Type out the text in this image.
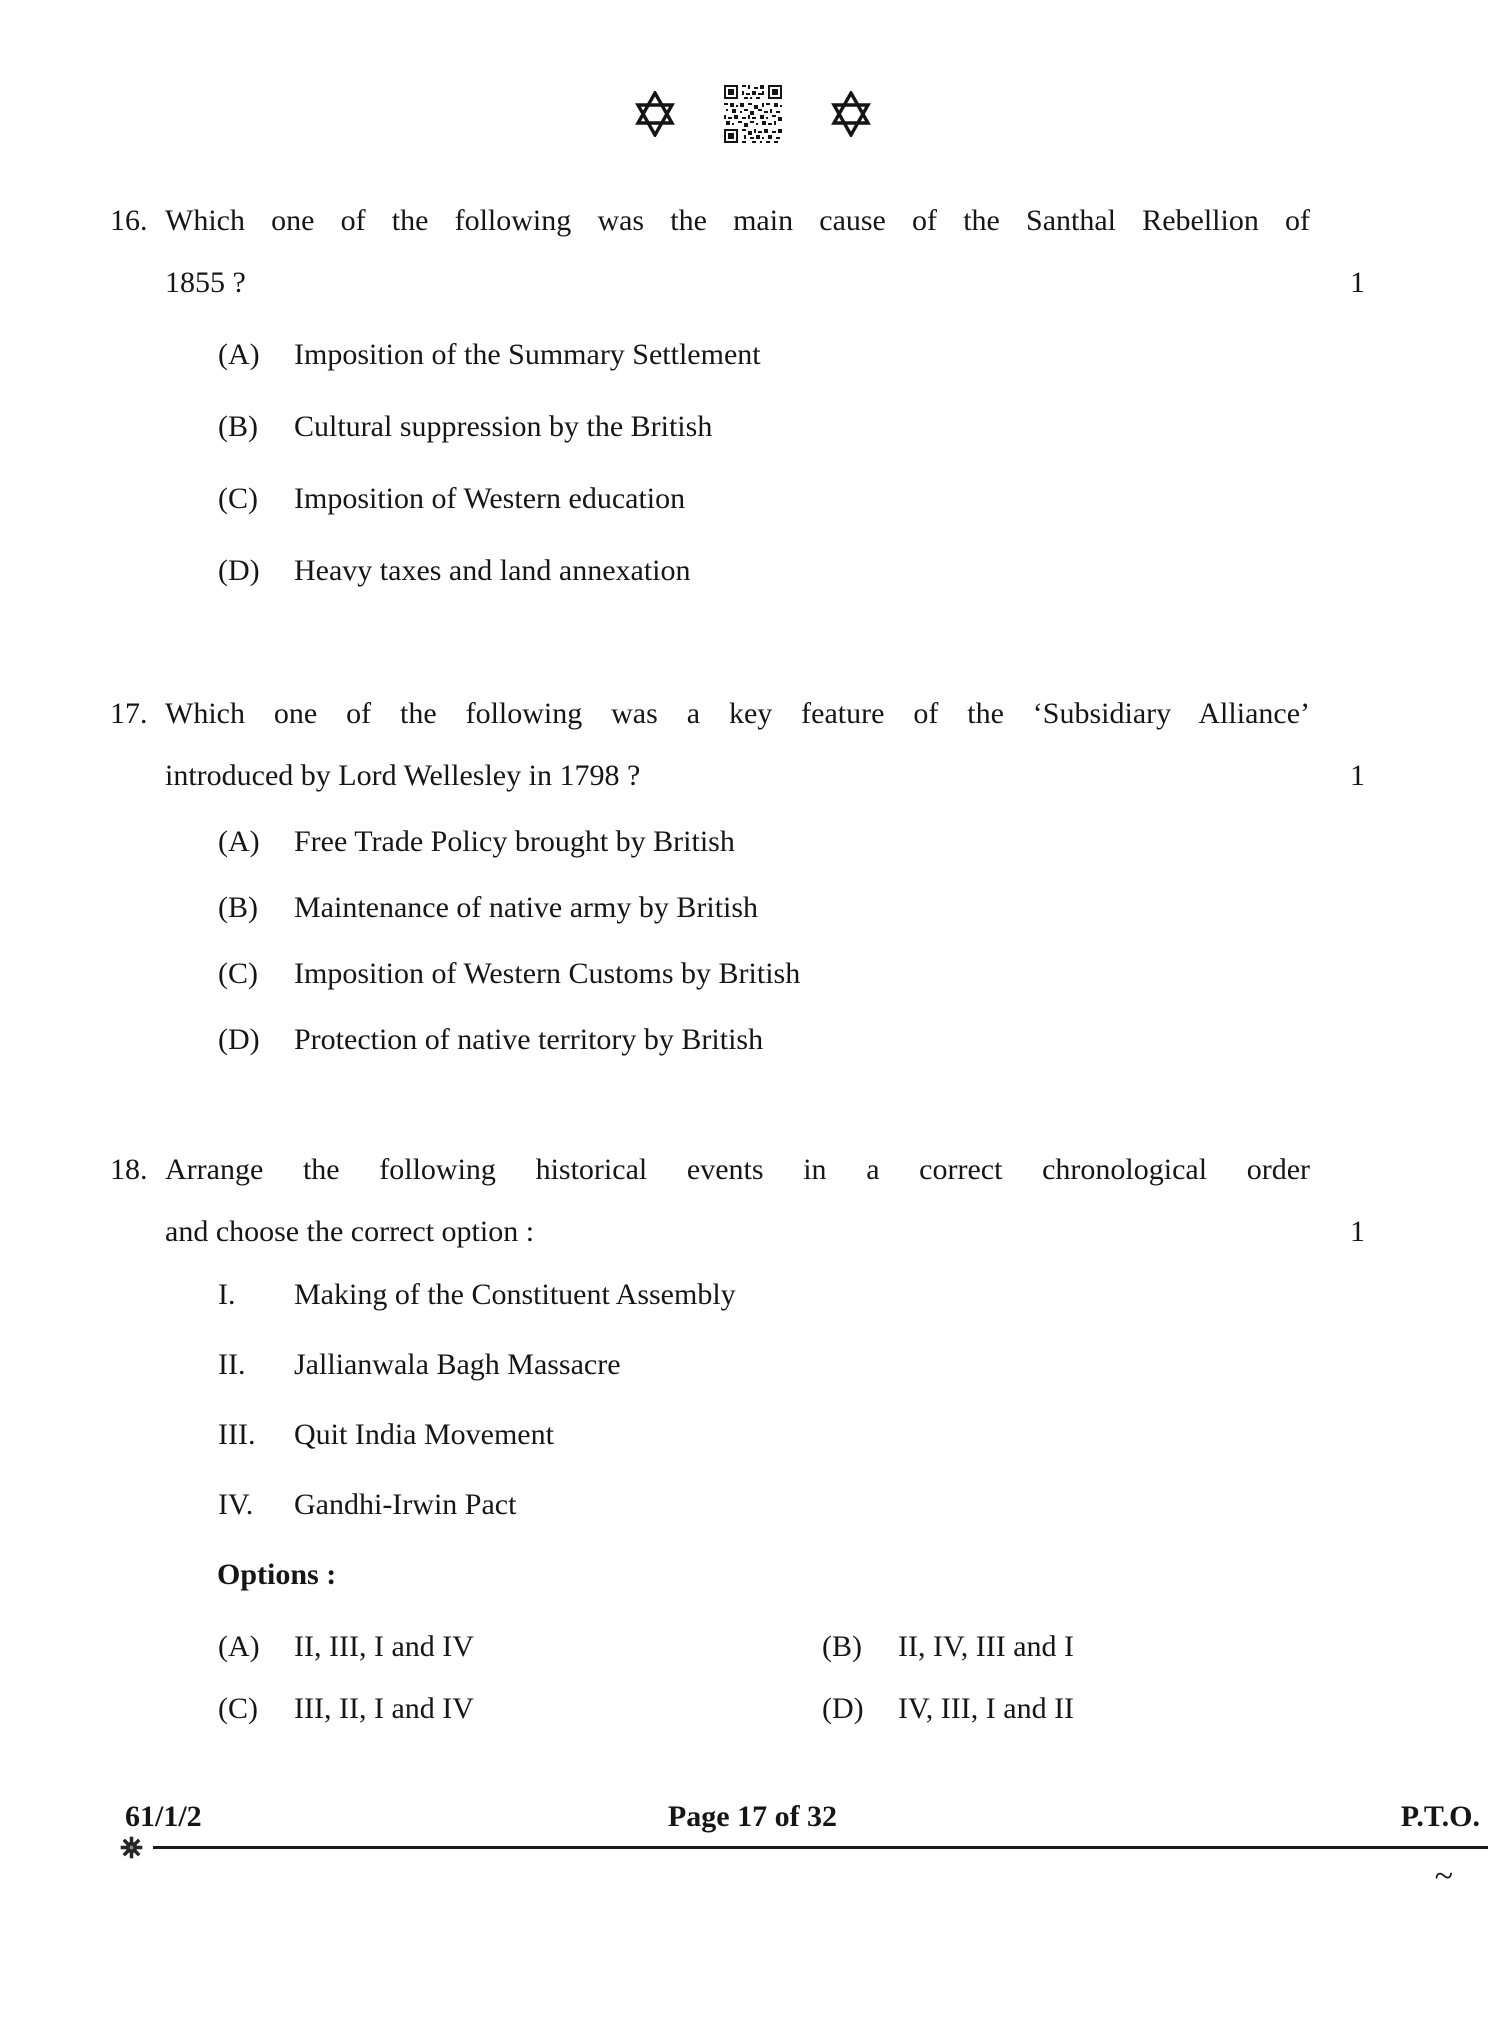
16. Which one of the following was the main cause of the Santhal Rebellion of
1855 ?	1
(A)	Imposition of the Summary Settlement
(B)	Cultural suppression by the British
(C)	Imposition of Western education
(D)	Heavy taxes and land annexation
17. Which one of the following was a key feature of the ‘Subsidiary Alliance’
introduced by Lord Wellesley in 1798 ?	1
(A)	Free Trade Policy brought by British
(B)	Maintenance of native army by British
(C)	Imposition of Western Customs by British
(D)	Protection of native territory by British
18. Arrange the following historical events in a correct chronological order
and choose the correct option :	1
I.	Making of the Constituent Assembly
II.	Jallianwala Bagh Massacre
III.	Quit India Movement
IV.	Gandhi-Irwin Pact
Options :
(A)	II, III, I and IV	(B)	II, IV, III and I
(C)	III, II, I and IV	(D)	IV, III, I and II
61/1/2	Page 17 of 32	P.T.O.
~
